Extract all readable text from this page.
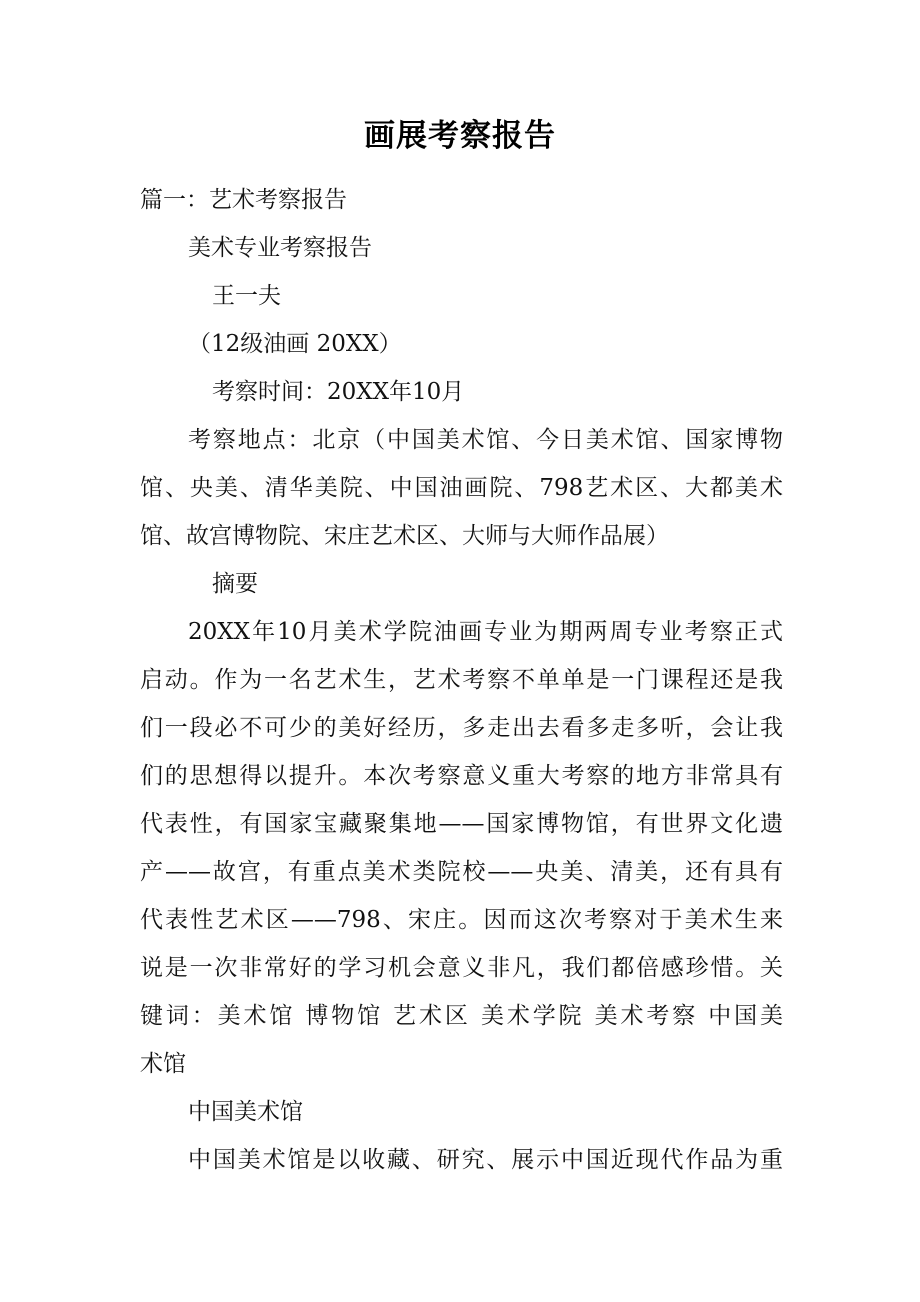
画展考察报告
篇一：艺术考察报告
美术专业考察报告
王一夫
（12级油画 20XX）
考察时间：20XX年10月
考察地点：北京（中国美术馆、今日美术馆、国家博物
馆、央美、清华美院、中国油画院、798艺术区、大都美术
馆、故宫博物院、宋庄艺术区、大师与大师作品展）
摘要
20XX年10月美术学院油画专业为期两周专业考察正式
启动。作为一名艺术生，艺术考察不单单是一门课程还是我
们一段必不可少的美好经历，多走出去看多走多听，会让我
们的思想得以提升。本次考察意义重大考察的地方非常具有
代表性，有国家宝藏聚集地——国家博物馆，有世界文化遗
产——故宫，有重点美术类院校——央美、清美，还有具有
代表性艺术区——798、宋庄。因而这次考察对于美术生来
说是一次非常好的学习机会意义非凡，我们都倍感珍惜。关
键词：美术馆 博物馆 艺术区 美术学院 美术考察 中国美
术馆
中国美术馆
中国美术馆是以收藏、研究、展示中国近现代作品为重
